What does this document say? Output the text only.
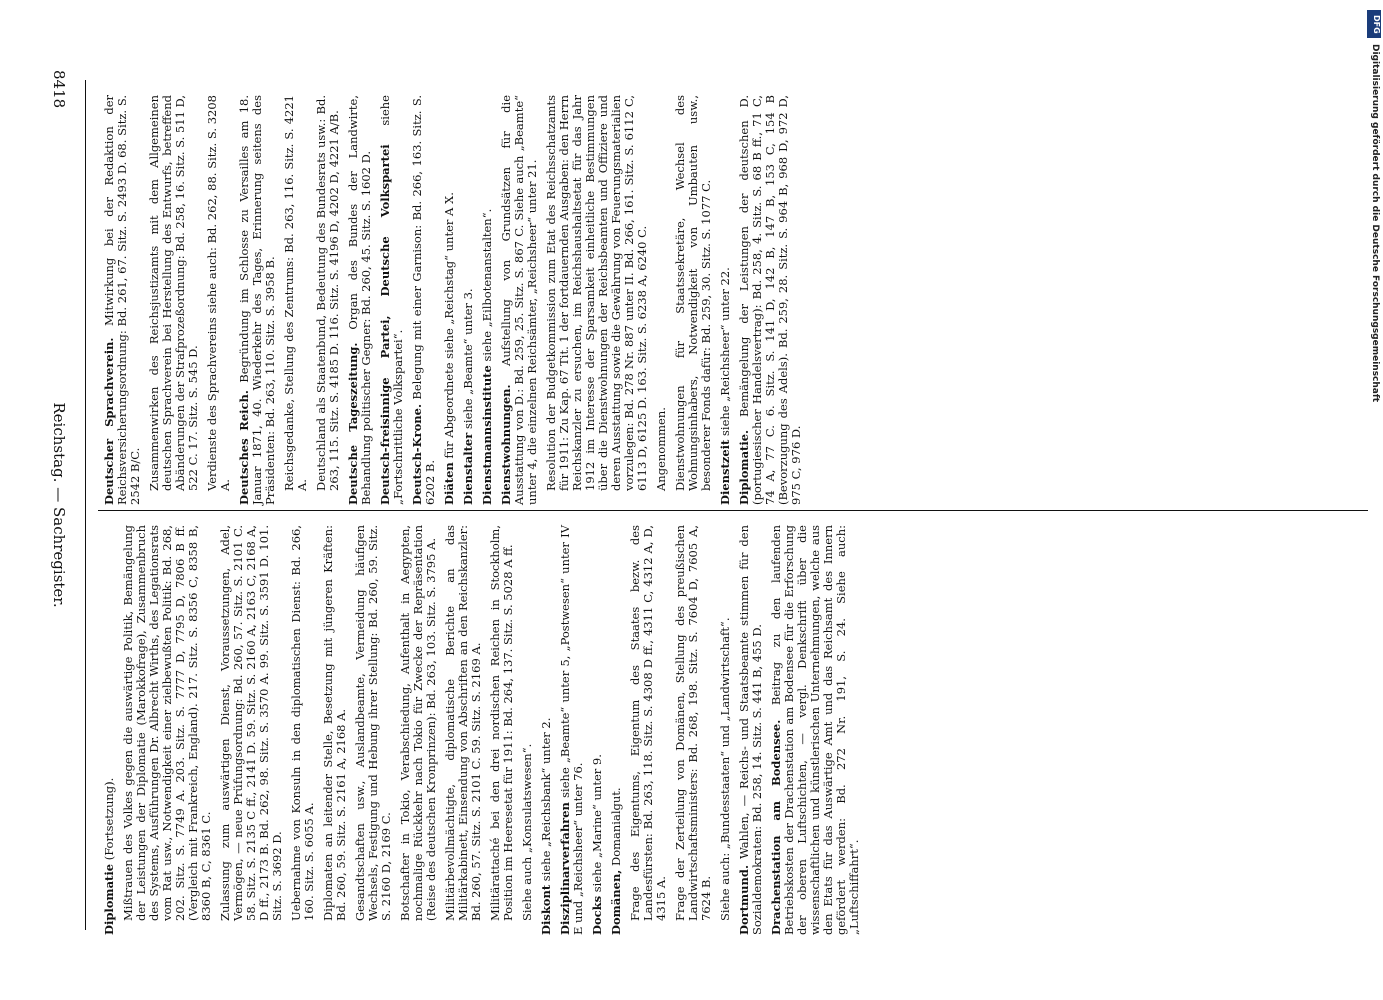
8418
Reichstag. — Sachregister.	Deutscher Sprachverein. Mitwirkung bei der Redaktion der Reichsversicherungsordnung: Bd. 261, 67. Sitz. S. 2493 D. 68. Sitz. S. 2542 B/C. Zusammenwirken des Reichsjustizamts mit dem Allgemeinen deutschen Sprachverein bei Herstellung des Entwurfs, betreffend Abänderungen der Strafprozeßordnung: Bd. 258, 16. Sitz. S. 511 D, 522 C. 17. Sitz. S. 545 D. Verdienste des Sprachvereins siehe auch: Bd. 262, 88. Sitz. S. 3208 A. Deutsches Reich. Begründung im Schlosse zu Versailles am 18. Januar 1871, 40. Wiederkehr des Tages, Erinnerung seitens des Präsidenten: Bd. 263, 110. Sitz. S. 3958 B. Reichsgedanke, Stellung des Zentrums: Bd. 263, 116. Sitz. S. 4221 A. Deutschland als Staatenbund, Bedeutung des Bundesrats usw.: Bd. 263, 115. Sitz. S. 4185 D. 116. Sitz. S. 4196 D, 4202 D, 4221 A/B. Deutsche Tageszeitung. Organ des Bundes der Landwirte, Behandlung politischer Gegner: Bd. 260, 45. Sitz. S. 1602 D. Deutsch-freisinnige Partei, Deutsche Volkspartei siehe „Fortschrittliche Volkspartei“. Deutsch-Krone. Belegung mit einer Garnison: Bd. 266, 163. Sitz. S. 6202 B. Diäten für Abgeordnete siehe „Reichstag“ unter A X.
Dienstalter siehe „Beamte“ unter 3.
Dienstmannsinstitute siehe „Eilbotenanstalten“.
Dienstwohnungen. Aufstellung von Grundsätzen für die Ausstattung von D.: Bd. 259, 25. Sitz. S. 867 C. Siehe auch „Beamte“ unter 4, die einzelnen Reichsämter, „Reichsheer“ unter 21. Resolution der Budgetkommission zum Etat des Reichsschatzamts für 1911: Zu Kap. 67 Tit. 1 der fortdauernden Ausgaben: den Herrn Reichskanzler zu ersuchen, im Reichshaushaltsetat für das Jahr 1912 im Interesse der Sparsamkeit einheitliche Bestimmungen über die Dienstwohnungen der Reichsbeamten und Offiziere und deren Ausstattung sowie die Gewährung von Feuerungsmaterialien vorzulegen: Bd. 278 Nr. 887 unter II. Bd. 266, 161. Sitz. S. 6112 C, 6113 D, 6125 D. 163. Sitz. S. 6238 A, 6240 C. Angenommen. Dienstwohnungen für Staatssekretäre, Wechsel des Wohnungsinhabers, Notwendigkeit von Umbauten usw., besonderer Fonds dafür: Bd. 259, 30. Sitz. S. 1077 C. Dienstzeit siehe „Reichsheer“ unter 22.
Diplomatie. Bemängelung der Leistungen der deutschen D. (portugiesischer Handelsvertrag): Bd. 258, 4. Sitz. S. 68 B ff., 71 C, 74 A, 77 C. 6. Sitz. S. 141 D, 142 B, 147 B, 153 C, 154 B (Bevorzugung des Adels). Bd. 259, 28. Sitz. S. 964 B, 968 D, 972 D, 975 C, 976 D.
Diplomatie (Fortsetzung). Mißtrauen des Volkes gegen die auswärtige Politik, Bemängelung der Leistungen der Diplomatie (Marokkofrage), Zusammenbruch des Systems, Ausführungen Dr. Albrecht Wirths, des Legationsrats vom Rat usw., Notwendigkeit einer zielbewußten Politik: Bd. 268, 202. Sitz. S. 7749 A. 203. Sitz. S. 7777 D, 7795 D, 7806 B ff. (Vergleich mit Frankreich, England). 217. Sitz. S. 8356 C, 8358 B, 8360 B, C, 8361 C. Zulassung zum auswärtigen Dienst, Voraussetzungen, Adel, Vermögen, — neue Prüfungsordnung: Bd. 260, 57. Sitz. S. 2101 C. 58. Sitz. S. 2135 C ff., 2141 D. 59. Sitz. S. 2160 A, 2163 C, 2168 A, D ff., 2173 B. Bd. 262, 98. Sitz. S. 3570 A. 99. Sitz. S. 3591 D. 101. Sitz. S. 3692 D. Uebernahme von Konsuln in den diplomatischen Dienst: Bd. 266, 160. Sitz. S. 6055 A. Diplomaten an leitender Stelle, Besetzung mit jüngeren Kräften: Bd. 260, 59. Sitz. S. 2161 A, 2168 A. Gesandtschaften usw., Auslandbeamte, Vermeidung häufigen Wechsels, Festigung und Hebung ihrer Stellung: Bd. 260, 59. Sitz. S. 2160 D, 2169 C. Botschafter in Tokio, Verabschiedung, Aufenthalt in Aegypten, nochmalige Rückkehr nach Tokio für Zwecke der Repräsentation (Reise des deutschen Kronprinzen): Bd. 263, 103. Sitz. S. 3795 A. Militärbevollmächtigte, diplomatische Berichte an das Militärkabinett, Einsendung von Abschriften an den Reichskanzler: Bd. 260, 57. Sitz. S. 2101 C. 59. Sitz. S. 2169 A. Militärattaché bei den drei nordischen Reichen in Stockholm, Position im Heeresetat für 1911: Bd. 264, 137. Sitz. S. 5028 A ff. Siehe auch „Konsulatswesen“. Diskont siehe „Reichsbank“ unter 2. Disziplinarverfahren siehe „Beamte“ unter 5, „Postwesen“ unter IV E und „Reichsheer“ unter 76. Docks siehe „Marine“ unter 9.
Domänen, Domanialgut. Frage des Eigentums, Eigentum des Staates bezw. des Landesfürsten: Bd. 263, 118. Sitz. S. 4308 D ff., 4311 C, 4312 A, D, 4315 A. Frage der Zerteilung von Domänen, Stellung des preußischen Landwirtschaftsministers: Bd. 268, 198. Sitz. S. 7604 D, 7605 A, 7624 B. Siehe auch: „Bundesstaaten“ und „Landwirtschaft“. Dortmund. Wahlen, — Reichs- und Staatsbeamte stimmen für den Sozialdemokraten: Bd. 258, 14. Sitz. S. 441 B, 455 D. Drachenstation am Bodensee. Beitrag zu den laufenden Betriebskosten der Drachenstation am Bodensee für die Erforschung der oberen Luftschichten, — vergl. Denkschrift über die wissenschaftlichen und künstlerischen Unternehmungen, welche aus den Etats für das Auswärtige Amt und das Reichsamt des Innern gefördert werden: Bd. 272 Nr. 191, S. 24. Siehe auch: „Luftschiffahrt“.
DFG
Digitalisierung gefördert durch die Deutsche Forschungsgemeinschaft
